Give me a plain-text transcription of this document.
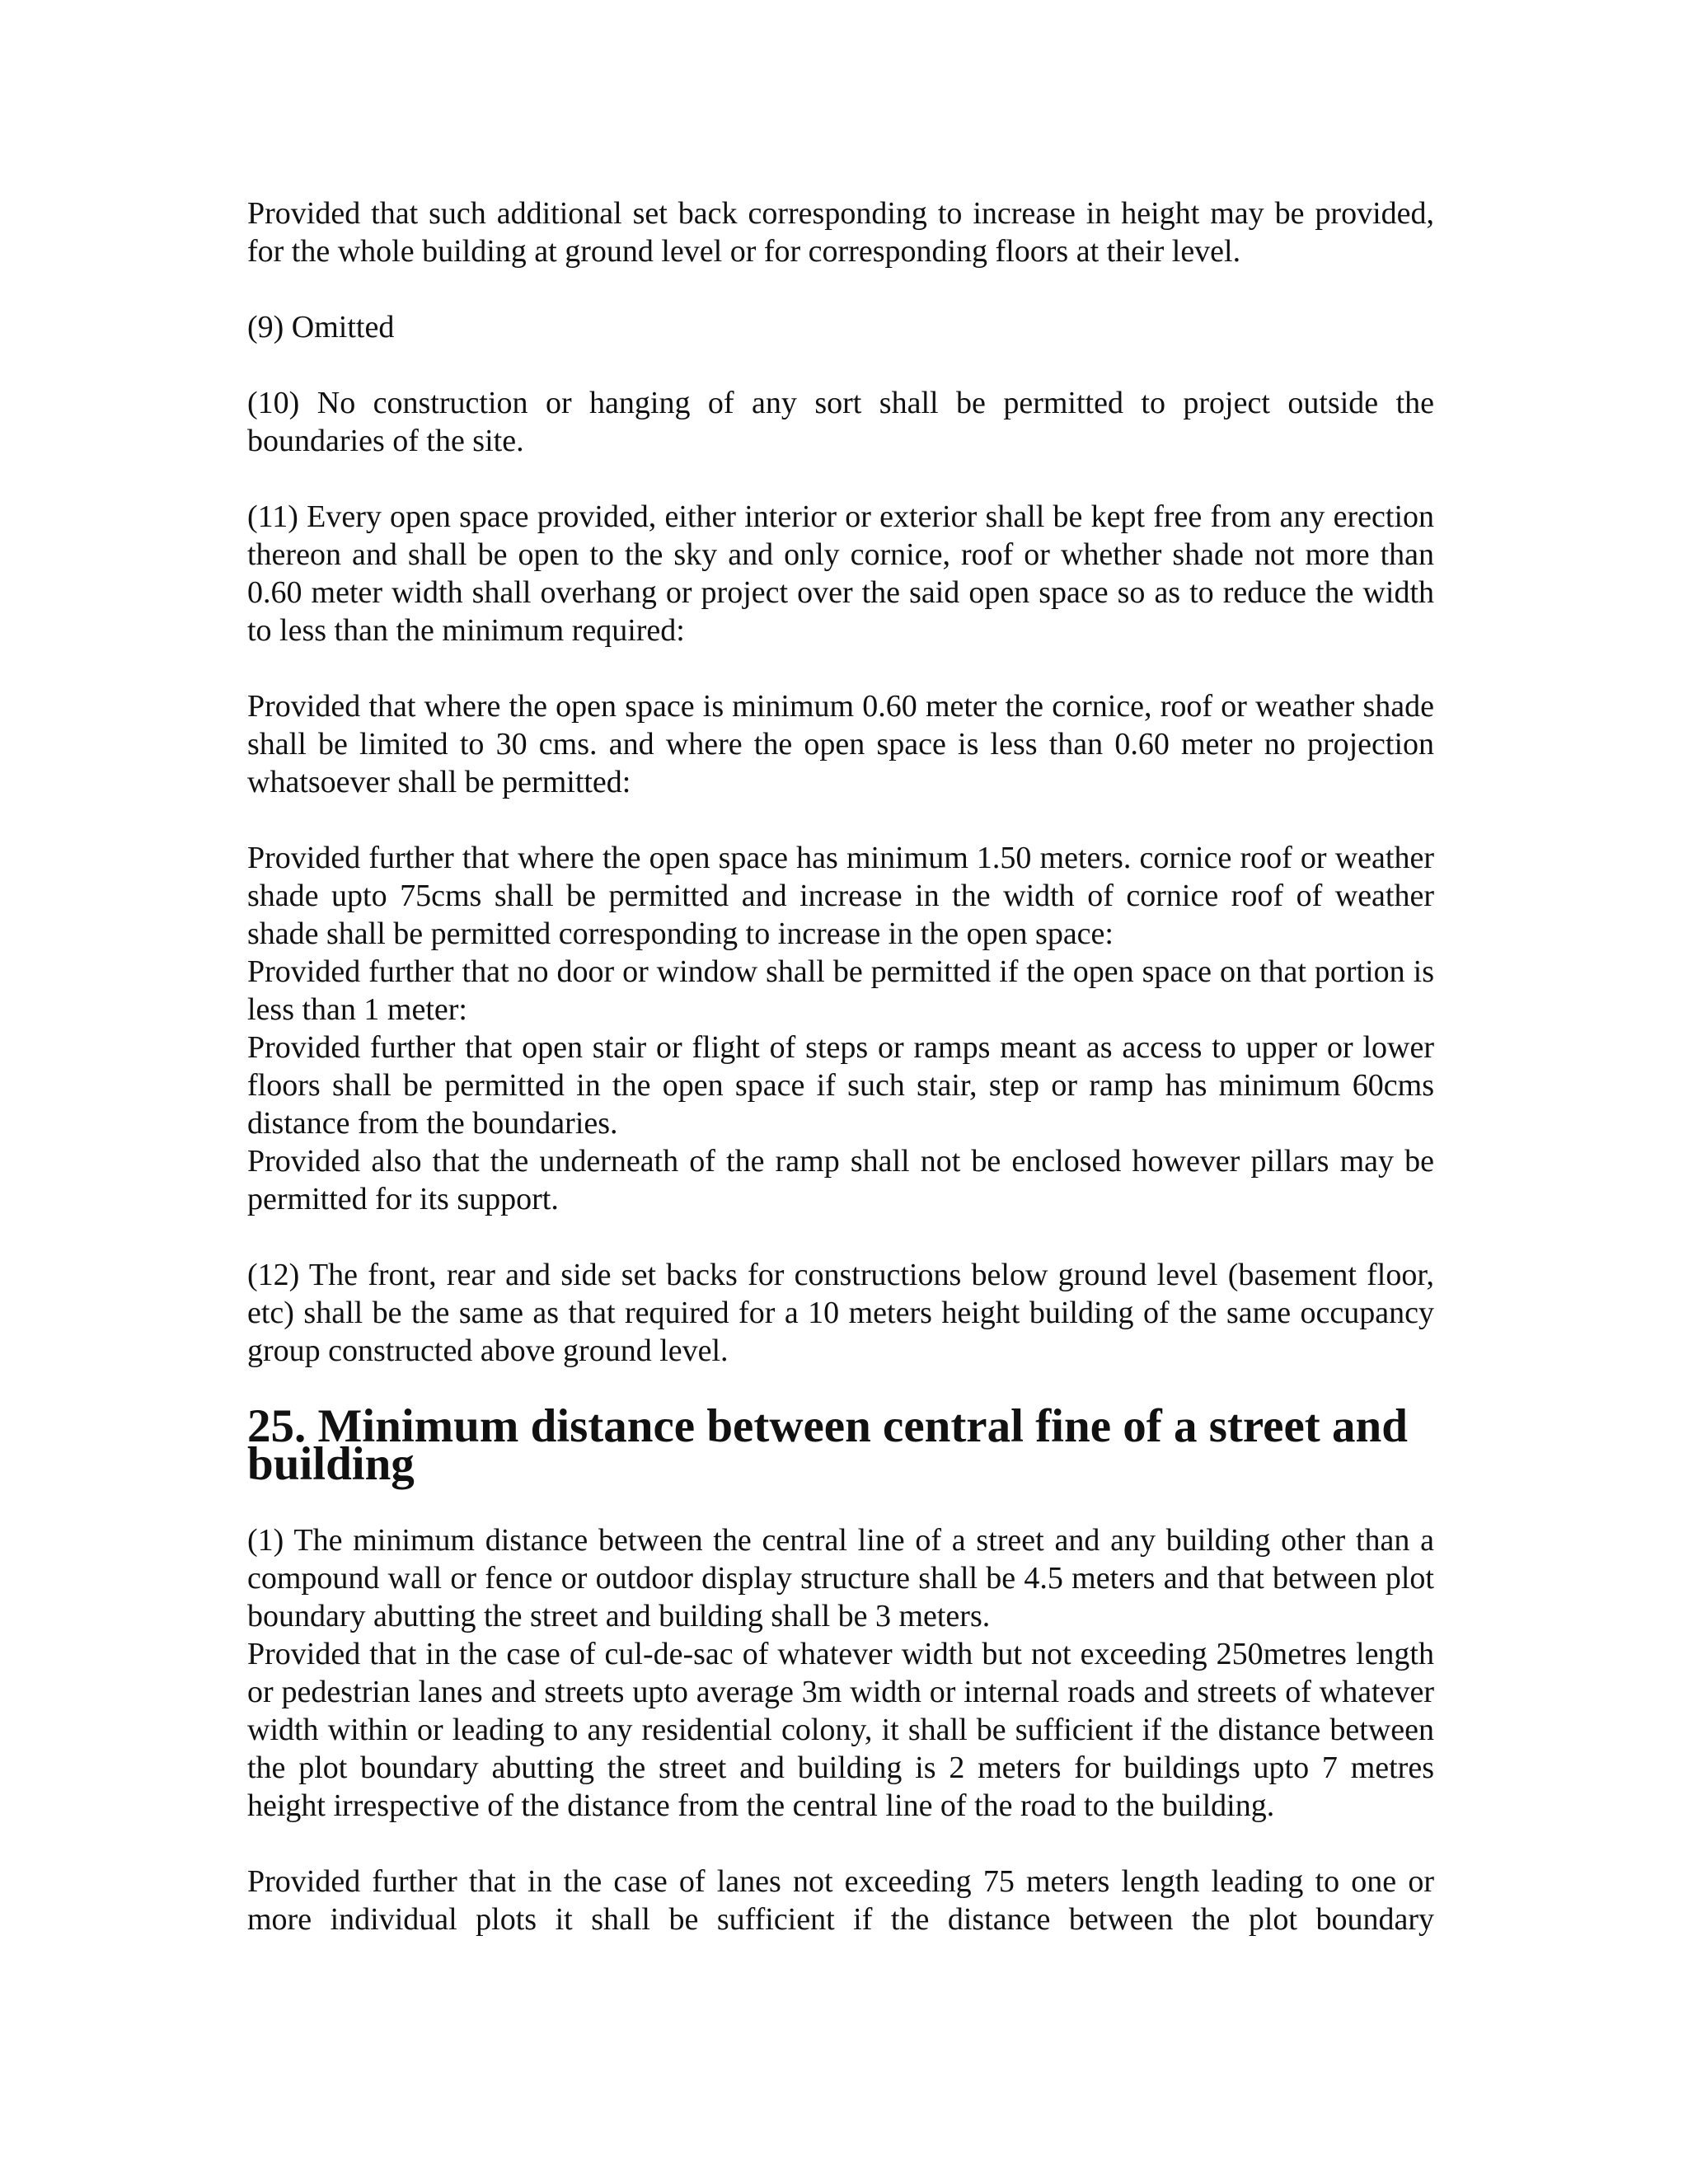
Provided that such additional set back corresponding to increase in height may be provided, for the whole building at ground level or for corresponding floors at their level.

(9) Omitted

(10) No construction or hanging of any sort shall be permitted to project outside the boundaries of the site.

(11) Every open space provided, either interior or exterior shall be kept free from any erection thereon and shall be open to the sky and only cornice, roof or whether shade not more than 0.60 meter width shall overhang or project over the said open space so as to reduce the width to less than the minimum required:

Provided that where the open space is minimum 0.60 meter the cornice, roof or weather shade shall be limited to 30 cms. and where the open space is less than 0.60 meter no projection whatsoever shall be permitted:

Provided further that where the open space has minimum 1.50 meters. cornice roof or weather shade upto 75cms shall be permitted and increase in the width of cornice roof of weather shade shall be permitted corresponding to increase in the open space:

Provided further that no door or window shall be permitted if the open space on that portion is less than 1 meter:

Provided further that open stair or flight of steps or ramps meant as access to upper or lower floors shall be permitted in the open space if such stair, step or ramp has minimum 60cms distance from the boundaries.

Provided also that the underneath of the ramp shall not be enclosed however pillars may be permitted for its support.

(12) The front, rear and side set backs for constructions below ground level (basement floor, etc) shall be the same as that required for a 10 meters height building of the same occupancy group constructed above ground level.

25. Minimum distance between central fine of a street and building

(1) The minimum distance between the central line of a street and any building other than a compound wall or fence or outdoor display structure shall be 4.5 meters and that between plot boundary abutting the street and building shall be 3 meters.

Provided that in the case of cul-de-sac of whatever width but not exceeding 250metres length or pedestrian lanes and streets upto average 3m width or internal roads and streets of whatever width within or leading to any residential colony, it shall be sufficient if the distance between the plot boundary abutting the street and building is 2 meters for buildings upto 7 metres height irrespective of the distance from the central line of the road to the building.

Provided further that in the case of lanes not exceeding 75 meters length leading to one or more individual plots it shall be sufficient if the distance between the plot boundary
